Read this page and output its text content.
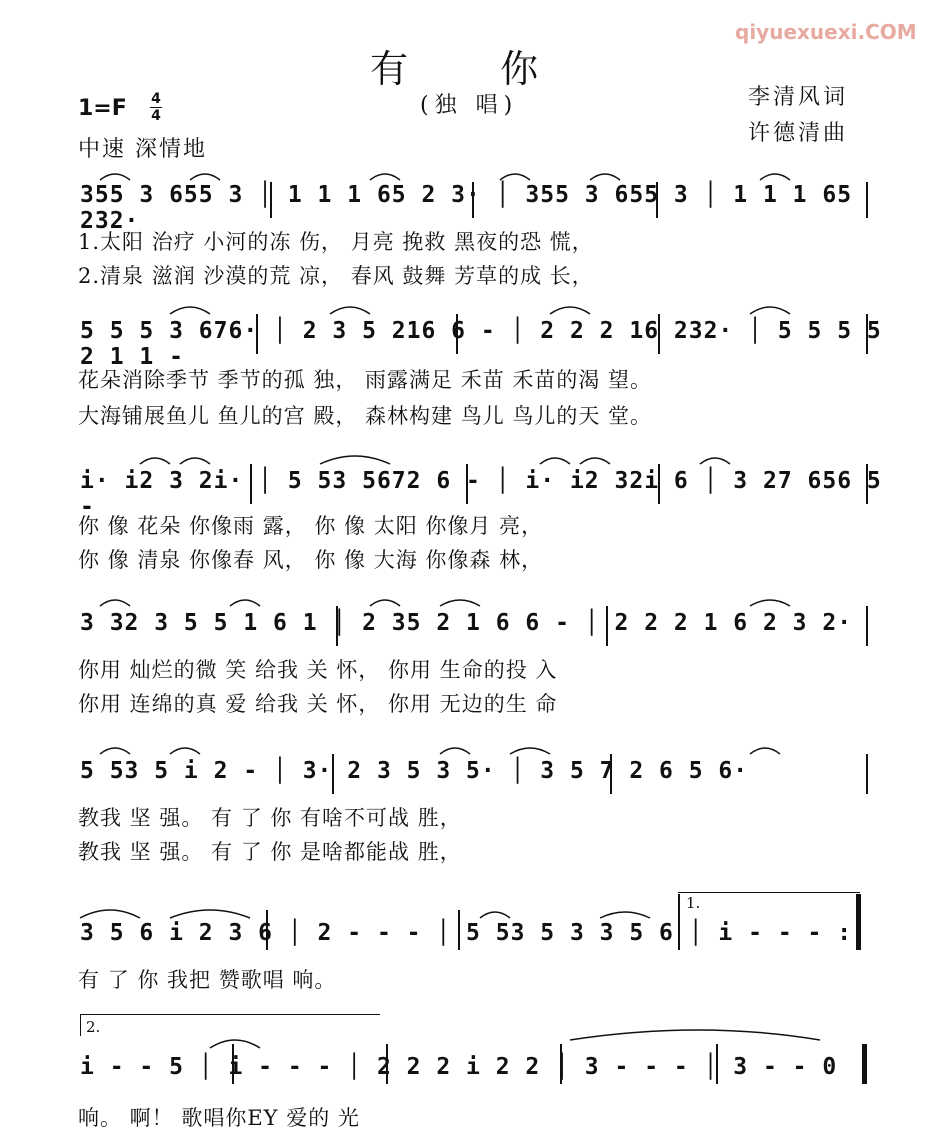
qiyuexuexi.COM
有 你
(独 唱)	李清风词
许德清曲
1=F 4
4
中速 深情地
355 3 655 3 │ 1 1 1 65 2 3· │ 355 3 655 3 │ 1 1 1 65 232·
1.太阳 治疗 小河的冻 伤， 月亮 挽救 黑夜的恐 慌，
2.清泉 滋润 沙漠的荒 凉， 春风 鼓舞 芳草的成 长，
5 5 5 3 676· │ 2 3 5 216 6 - │ 2 2 2 16 232· │ 5 5 5 5 2 1 1 -
花朵消除季节 季节的孤 独， 雨露满足 禾苗 禾苗的渴 望。
大海铺展鱼儿 鱼儿的宫 殿， 森林构建 鸟儿 鸟儿的天 堂。
i· i2 3 2i· │ 5 53 5672 6 - │ i· i2 32i 6 │ 3 27 656 5 -
你 像 花朵 你像雨 露， 你 像 太阳 你像月 亮，
你 像 清泉 你像春 风， 你 像 大海 你像森 林，
3 32 3 5 5 1 6 1 │ 2 35 2 1 6 6 - │ 2 2 2 1 6 2 3 2·
你用 灿烂的微 笑 给我 关 怀， 你用 生命的投 入
你用 连绵的真 爱 给我 关 怀， 你用 无边的生 命
5 53 5 i 2 - │ 3· 2 3 5 3 5· │ 3 5 7 2 6 5 6·
教我 坚 强。 有 了 你 有啥不可战 胜，
教我 坚 强。 有 了 你 是啥都能战 胜，
1.
3 5 6 i 2 3 6 │ 2 - - - │ 5 53 5 3 3 5 6 │ i - - - :
有 了 你 我把 赞歌唱 响。
2.
i - - 5 │ i - - - │ 2 2 2 i 2 2 │ 3 - - - │ 3 - - 0
响。 啊！ 歌唱你EY 爱的 光
